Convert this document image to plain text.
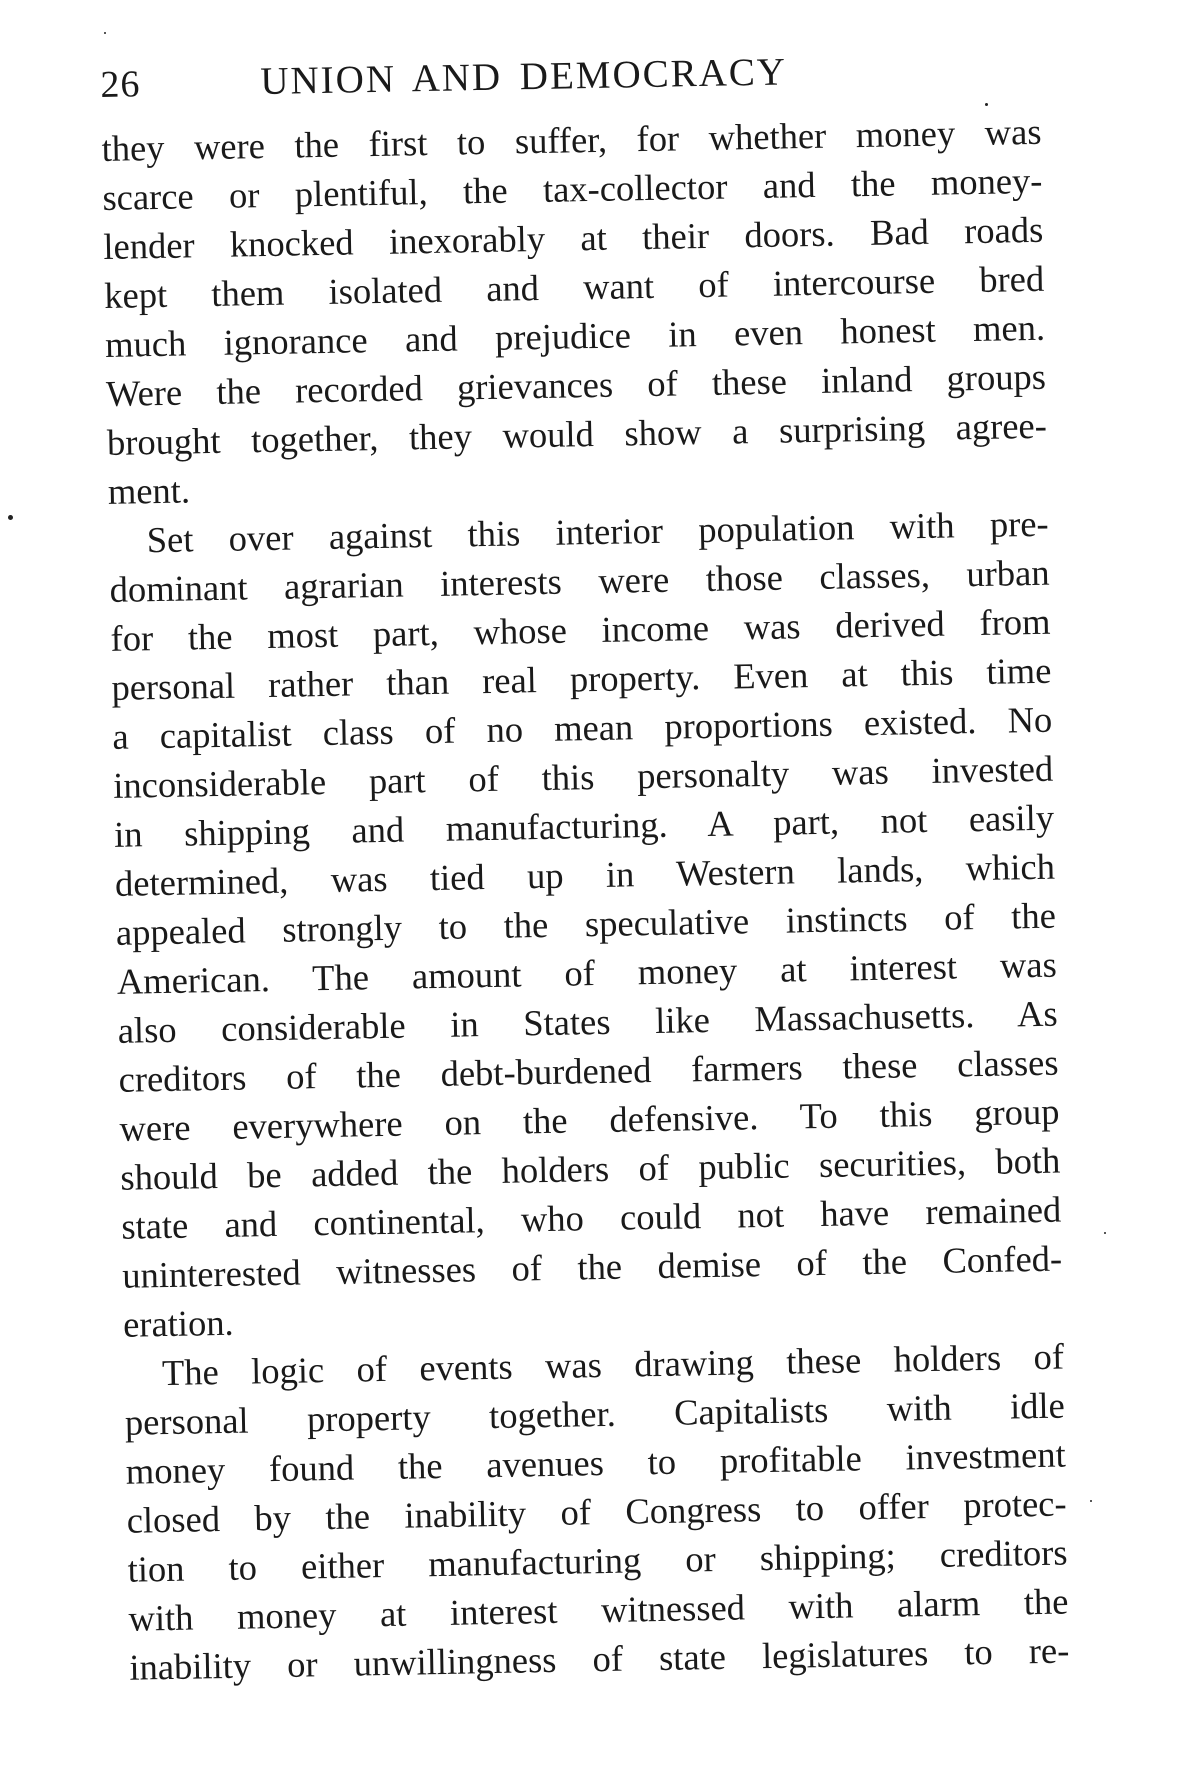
26	UNION AND DEMOCRACY
they were the first to suffer, for whether money was
scarce or plentiful, the tax-collector and the money-
lender knocked inexorably at their doors. Bad roads
kept them isolated and want of intercourse bred
much ignorance and prejudice in even honest men.
Were the recorded grievances of these inland groups
brought together, they would show a surprising agree-
ment.
Set over against this interior population with pre-
dominant agrarian interests were those classes, urban
for the most part, whose income was derived from
personal rather than real property. Even at this time
a capitalist class of no mean proportions existed. No
inconsiderable part of this personalty was invested
in shipping and manufacturing. A part, not easily
determined, was tied up in Western lands, which
appealed strongly to the speculative instincts of the
American. The amount of money at interest was
also considerable in States like Massachusetts. As
creditors of the debt-burdened farmers these classes
were everywhere on the defensive. To this group
should be added the holders of public securities, both
state and continental, who could not have remained
uninterested witnesses of the demise of the Confed-
eration.
The logic of events was drawing these holders of
personal property together. Capitalists with idle
money found the avenues to profitable investment
closed by the inability of Congress to offer protec-
tion to either manufacturing or shipping; creditors
with money at interest witnessed with alarm the
inability or unwillingness of state legislatures to re-
